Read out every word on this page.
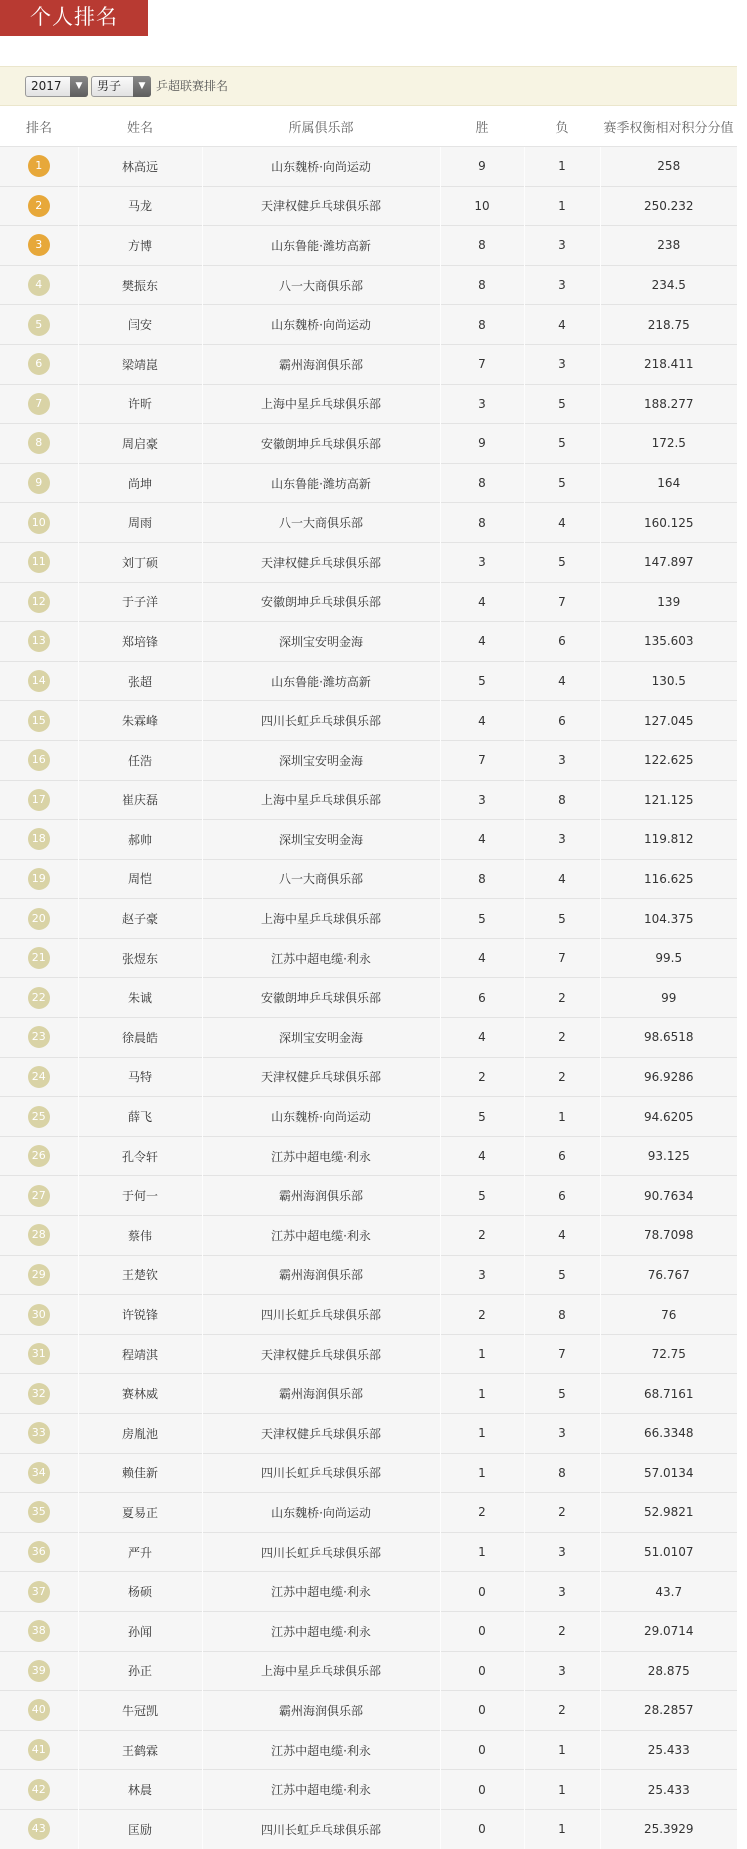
个人排名
2017	▼	男子	▼ 乒超联赛排名
排名	姓名	所属俱乐部	胜	负	赛季权衡相对积分分值
1	林高远	山东魏桥·向尚运动	9	1	258
2	马龙	天津权健乒乓球俱乐部	10	1	250.232
3	方博	山东鲁能·潍坊高新	8	3	238
4	樊振东	八一大商俱乐部	8	3	234.5
5	闫安	山东魏桥·向尚运动	8	4	218.75
6	梁靖崑	霸州海润俱乐部	7	3	218.411
7	许昕	上海中星乒乓球俱乐部	3	5	188.277
8	周启豪	安徽朗坤乒乓球俱乐部	9	5	172.5
9	尚坤	山东鲁能·潍坊高新	8	5	164
10	周雨	八一大商俱乐部	8	4	160.125
11	刘丁硕	天津权健乒乓球俱乐部	3	5	147.897
12	于子洋	安徽朗坤乒乓球俱乐部	4	7	139
13	郑培锋	深圳宝安明金海	4	6	135.603
14	张超	山东鲁能·潍坊高新	5	4	130.5
15	朱霖峰	四川长虹乒乓球俱乐部	4	6	127.045
16	任浩	深圳宝安明金海	7	3	122.625
17	崔庆磊	上海中星乒乓球俱乐部	3	8	121.125
18	郝帅	深圳宝安明金海	4	3	119.812
19	周恺	八一大商俱乐部	8	4	116.625
20	赵子豪	上海中星乒乓球俱乐部	5	5	104.375
21	张煜东	江苏中超电缆·利永	4	7	99.5
22	朱诚	安徽朗坤乒乓球俱乐部	6	2	99
23	徐晨皓	深圳宝安明金海	4	2	98.6518
24	马特	天津权健乒乓球俱乐部	2	2	96.9286
25	薛飞	山东魏桥·向尚运动	5	1	94.6205
26	孔令轩	江苏中超电缆·利永	4	6	93.125
27	于何一	霸州海润俱乐部	5	6	90.7634
28	蔡伟	江苏中超电缆·利永	2	4	78.7098
29	王楚钦	霸州海润俱乐部	3	5	76.767
30	许锐锋	四川长虹乒乓球俱乐部	2	8	76
31	程靖淇	天津权健乒乓球俱乐部	1	7	72.75
32	赛林威	霸州海润俱乐部	1	5	68.7161
33	房胤池	天津权健乒乓球俱乐部	1	3	66.3348
34	赖佳新	四川长虹乒乓球俱乐部	1	8	57.0134
35	夏易正	山东魏桥·向尚运动	2	2	52.9821
36	严升	四川长虹乒乓球俱乐部	1	3	51.0107
37	杨硕	江苏中超电缆·利永	0	3	43.7
38	孙闻	江苏中超电缆·利永	0	2	29.0714
39	孙正	上海中星乒乓球俱乐部	0	3	28.875
40	牛冠凯	霸州海润俱乐部	0	2	28.2857
41	王鹤霖	江苏中超电缆·利永	0	1	25.433
42	林晨	江苏中超电缆·利永	0	1	25.433
43	匡励	四川长虹乒乓球俱乐部	0	1	25.3929
